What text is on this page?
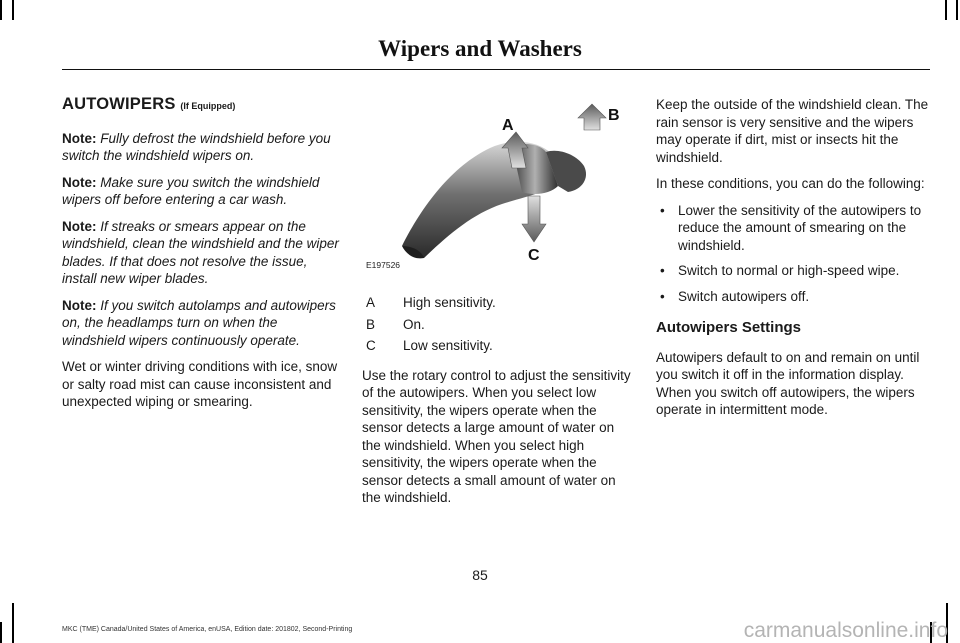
Wipers and Washers
AUTOWIPERS (If Equipped)

Note: Fully defrost the windshield before you switch the windshield wipers on.

Note: Make sure you switch the windshield wipers off before entering a car wash.

Note: If streaks or smears appear on the windshield, clean the windshield and the wiper blades. If that does not resolve the issue, install new wiper blades.

Note: If you switch autolamps and autowipers on, the headlamps turn on when the windshield wipers continuously operate.

Wet or winter driving conditions with ice, snow or salty road mist can cause inconsistent and unexpected wiping or smearing.

A
B
C
E197526
A	High sensitivity.
B	On.
C	Low sensitivity.

Use the rotary control to adjust the sensitivity of the autowipers. When you select low sensitivity, the wipers operate when the sensor detects a large amount of water on the windshield. When you select high sensitivity, the wipers operate when the sensor detects a small amount of water on the windshield.

Keep the outside of the windshield clean. The rain sensor is very sensitive and the wipers may operate if dirt, mist or insects hit the windshield.

In these conditions, you can do the following:

• Lower the sensitivity of the autowipers to reduce the amount of smearing on the windshield.
• Switch to normal or high-speed wipe.
• Switch autowipers off.
Autowipers Settings

Autowipers default to on and remain on until you switch it off in the information display. When you switch off autowipers, the wipers operate in intermittent mode.

85
MKC (TME) Canada/United States of America, enUSA, Edition date: 201802, Second-Printing	carmanualsonline.info
